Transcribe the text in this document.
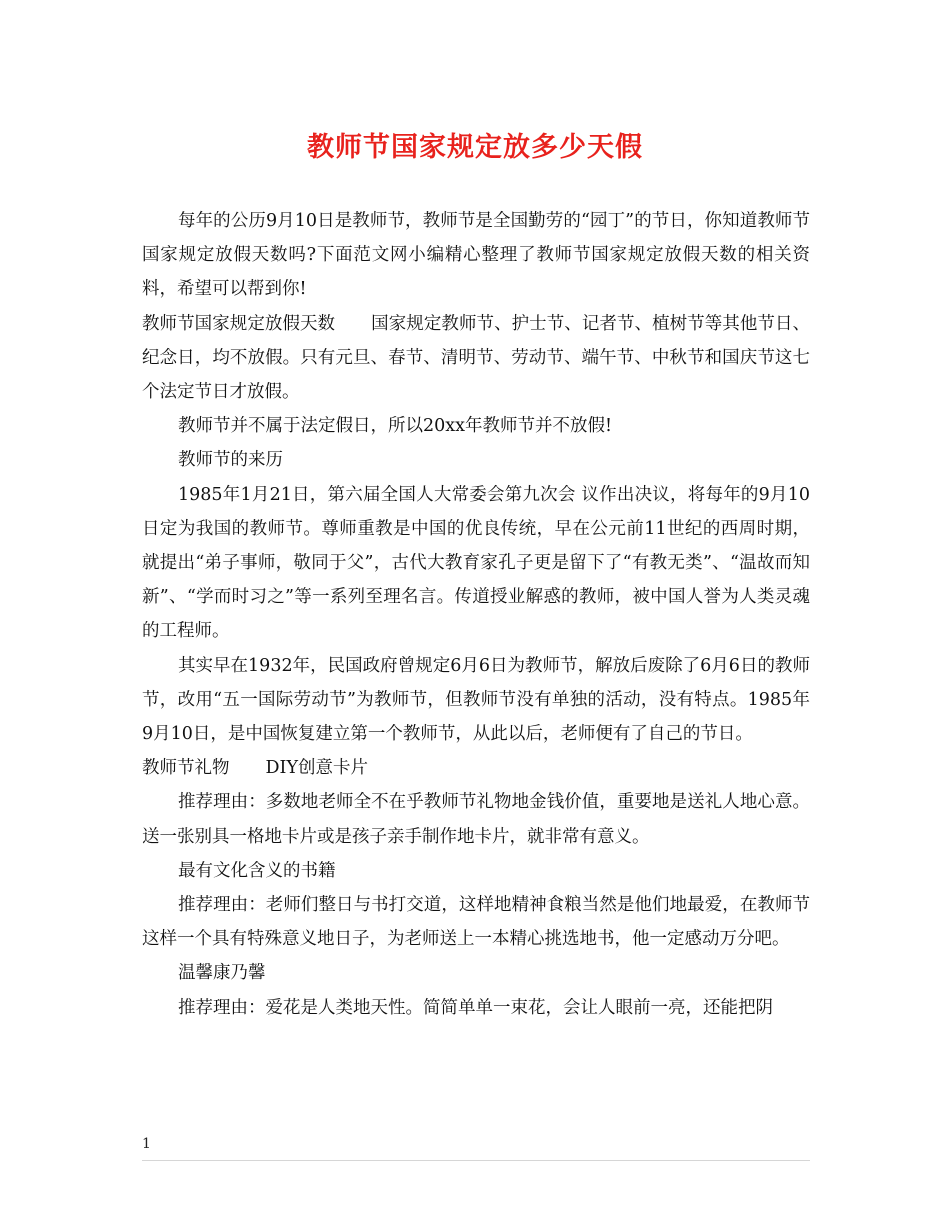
教师节国家规定放多少天假

每年的公历9月10日是教师节，教师节是全国勤劳的“园丁”的节日，你知道教师节国家规定放假天数吗?下面范文网小编精心整理了教师节国家规定放假天数的相关资料，希望可以帮到你!

教师节国家规定放假天数 国家规定教师节、护士节、记者节、植树节等其他节日、纪念日，均不放假。只有元旦、春节、清明节、劳动节、端午节、中秋节和国庆节这七个法定节日才放假。

教师节并不属于法定假日，所以20xx年教师节并不放假!

教师节的来历

1985年1月21日，第六届全国人大常委会第九次会 议作出决议，将每年的9月10日定为我国的教师节。尊师重教是中国的优良传统，早在公元前11世纪的西周时期，就提出“弟子事师，敬同于父”，古代大教育家孔子更是留下了“有教无类”、“温故而知新”、“学而时习之”等一系列至理名言。传道授业解惑的教师，被中国人誉为人类灵魂的工程师。

其实早在1932年，民国政府曾规定6月6日为教师节，解放后废除了6月6日的教师节，改用“五一国际劳动节”为教师节，但教师节没有单独的活动，没有特点。1985年9月10日，是中国恢复建立第一个教师节，从此以后，老师便有了自己的节日。

教师节礼物 DIY创意卡片

推荐理由：多数地老师全不在乎教师节礼物地金钱价值，重要地是送礼人地心意。送一张别具一格地卡片或是孩子亲手制作地卡片，就非常有意义。

最有文化含义的书籍

推荐理由：老师们整日与书打交道，这样地精神食粮当然是他们地最爱，在教师节这样一个具有特殊意义地日子，为老师送上一本精心挑选地书，他一定感动万分吧。

温馨康乃馨

推荐理由：爱花是人类地天性。简简单单一束花，会让人眼前一亮，还能把阴

1
